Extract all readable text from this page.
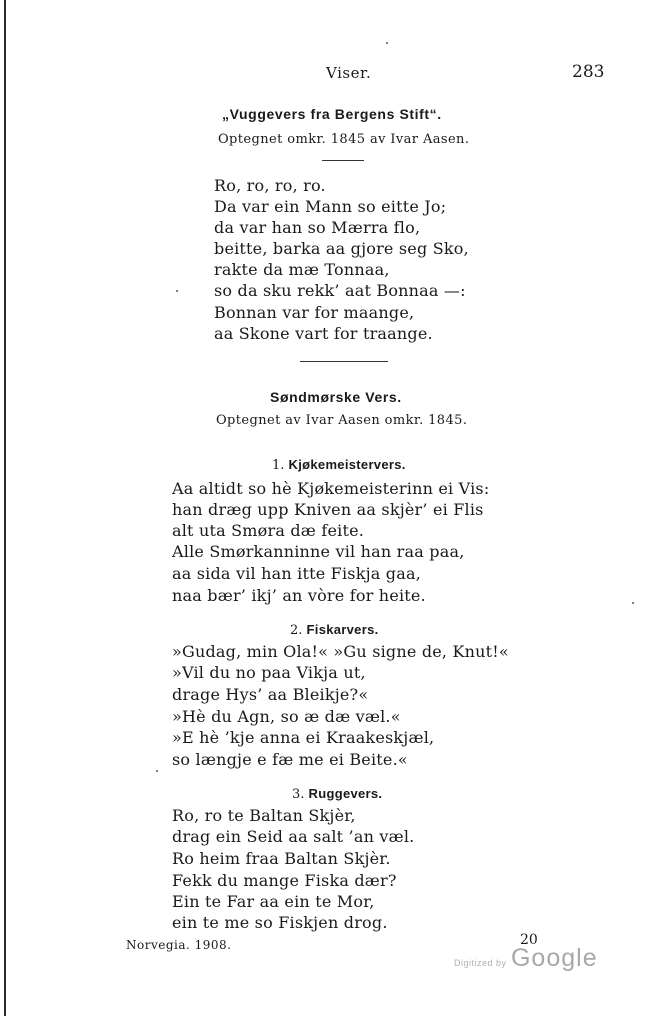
Viser.	283
„Vuggevers fra Bergens Stift“.
Optegnet omkr. 1845 av Ivar Aasen.
Ro, ro, ro, ro.
Da var ein Mann so eitte Jo;
da var han so Mærra flo,
beitte, barka aa gjore seg Sko,
rakte da mæ Tonnaa,
so da sku rekk’ aat Bonnaa —:
Bonnan var for maange,
aa Skone vart for traange.
Søndmørske Vers.
Optegnet av Ivar Aasen omkr. 1845.
1. Kjøkemeistervers.
Aa altidt so hè Kjøkemeisterinn ei Vis:
han dræg upp Kniven aa skjèr’ ei Flis
alt uta Smøra dæ feite.
Alle Smørkanninne vil han raa paa,
aa sida vil han itte Fiskja gaa,
naa bær’ ikj’ an vòre for heite.
2. Fiskarvers.
»Gudag, min Ola!« »Gu signe de, Knut!«
»Vil du no paa Vikja ut,
drage Hys’ aa Bleikje?«
»Hè du Agn, so æ dæ væl.«
»E hè ’kje anna ei Kraakeskjæl,
so længje e fæ me ei Beite.«
3. Ruggevers.
Ro, ro te Baltan Skjèr,
drag ein Seid aa salt ’an væl.
Ro heim fraa Baltan Skjèr.
Fekk du mange Fiska dær?
Ein te Far aa ein te Mor,
ein te me so Fiskjen drog.
Norvegia. 1908.	20
Digitized by Google
